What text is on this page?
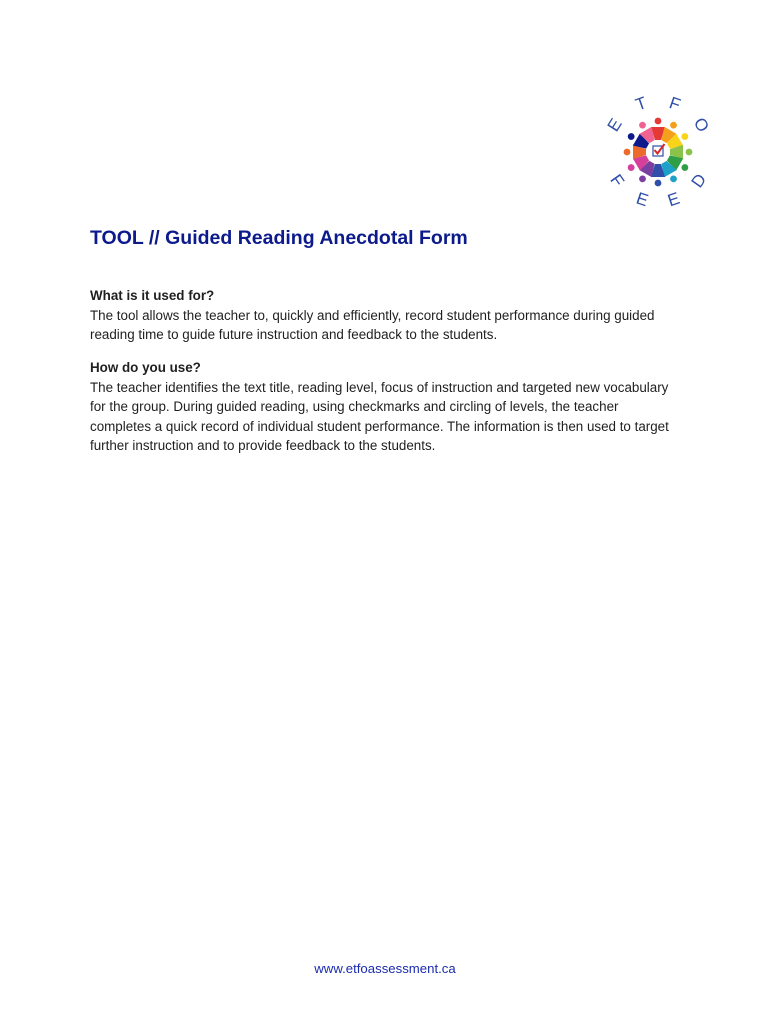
E
T F
O
F
E E
D
TOOL // Guided Reading Anecdotal Form
What is it used for?
The tool allows the teacher to, quickly and efficiently, record student performance during guided reading time to guide future instruction and feedback to the students.
How do you use?
The teacher identifies the text title, reading level, focus of instruction and targeted new vocabulary for the group. During guided reading, using checkmarks and circling of levels, the teacher completes a quick record of individual student performance. The information is then used to target further instruction and to provide feedback to the students.
www.etfoassessment.ca
